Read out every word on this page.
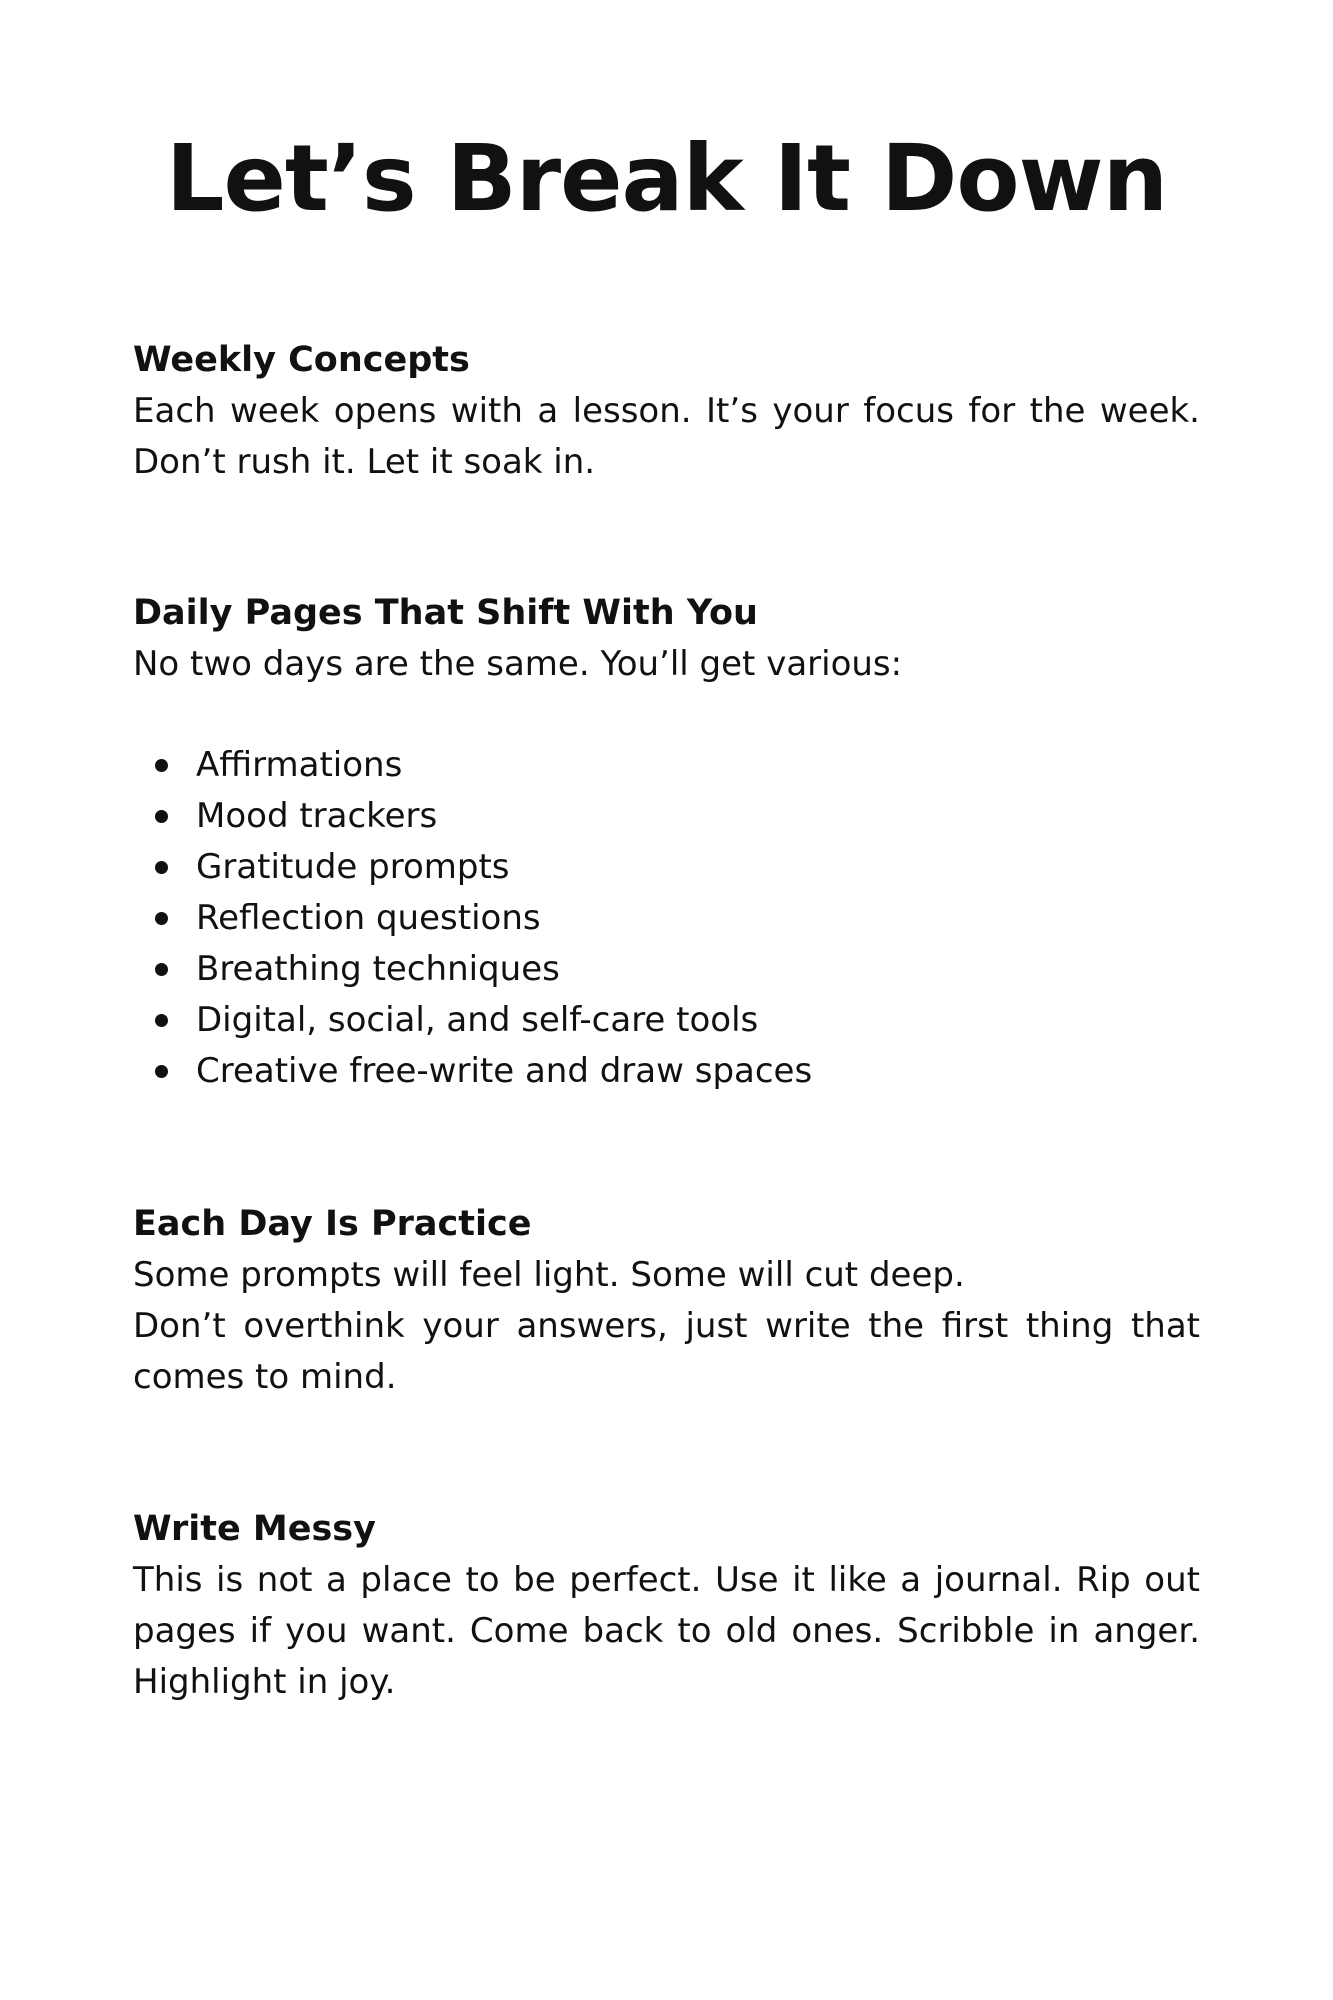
Let’s Break It Down

Weekly Concepts

Each week opens with a lesson. It’s your focus for the week. Don’t rush it. Let it soak in.

Daily Pages That Shift With You

No two days are the same. You’ll get various:

Affirmations
Mood trackers
Gratitude prompts
Reflection questions
Breathing techniques
Digital, social, and self-care tools
Creative free-write and draw spaces

Each Day Is Practice

Some prompts will feel light. Some will cut deep.

Don’t overthink your answers, just write the first thing that comes to mind.

Write Messy

This is not a place to be perfect. Use it like a journal. Rip out pages if you want. Come back to old ones. Scribble in anger. Highlight in joy.
